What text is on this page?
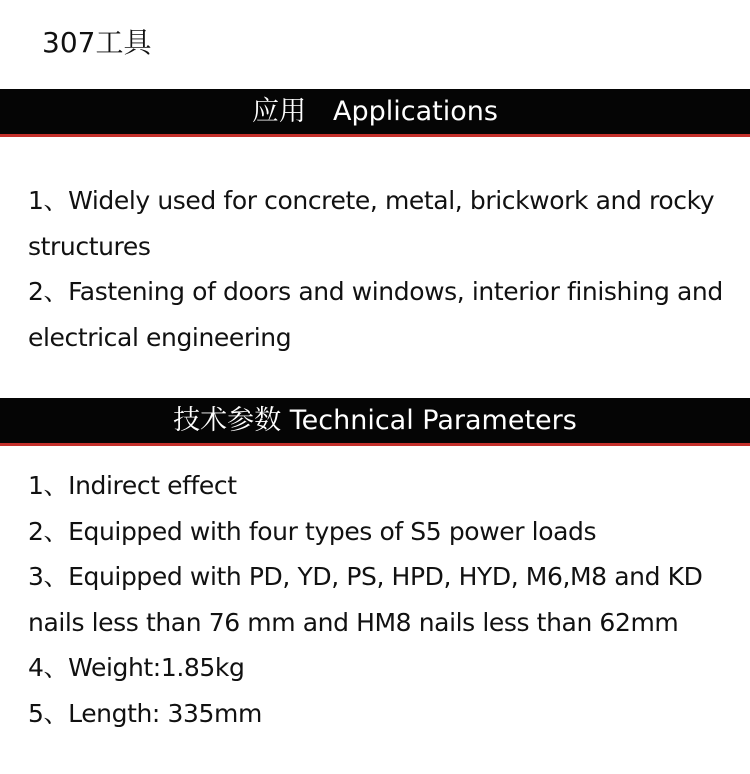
307工具
应用　Applications
1、Widely used for concrete, metal, brickwork and rocky structures
2、Fastening of doors and windows, interior finishing and electrical engineering
技术参数 Technical Parameters
1、Indirect effect
2、Equipped with four types of S5 power loads
3、Equipped with PD, YD, PS, HPD, HYD, M6,M8 and KD nails less than 76 mm and HM8 nails less than 62mm
4、Weight:1.85kg
5、Length: 335mm
